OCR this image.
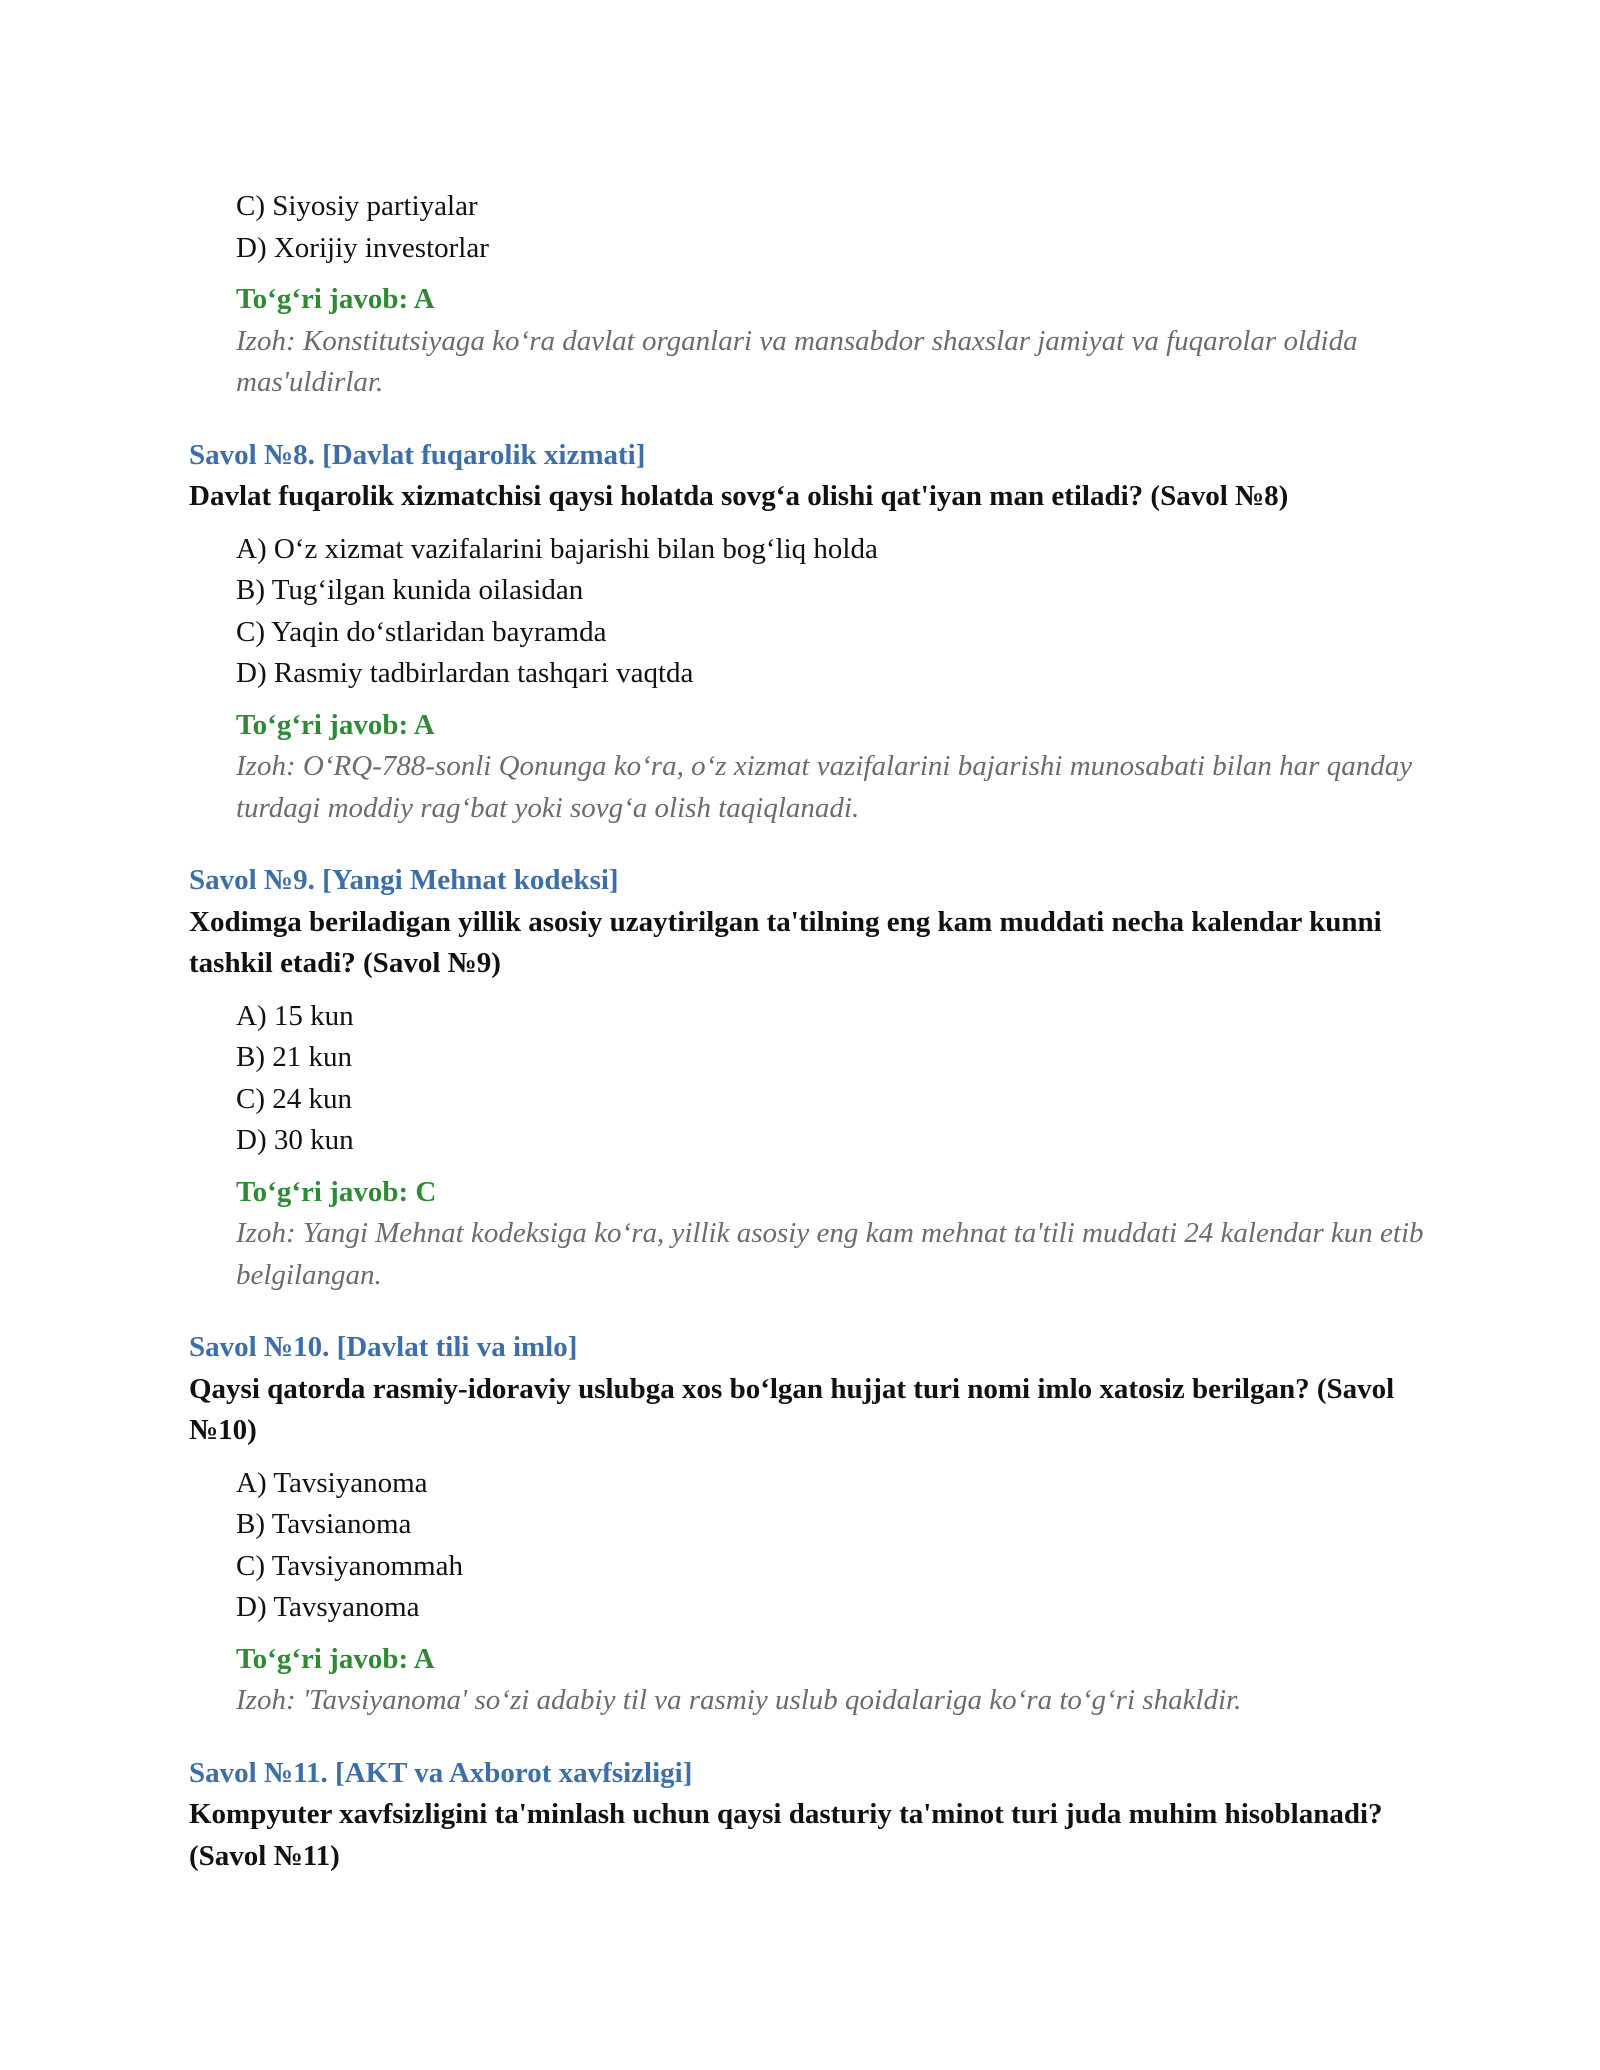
C) Siyosiy partiyalar
D) Xorijiy investorlar
To‘g‘ri javob: A
Izoh: Konstitutsiyaga ko‘ra davlat organlari va mansabdor shaxslar jamiyat va fuqarolar oldida mas'uldirlar.
Savol №8. [Davlat fuqarolik xizmati]
Davlat fuqarolik xizmatchisi qaysi holatda sovg‘a olishi qat'iyan man etiladi? (Savol №8)
A) O‘z xizmat vazifalarini bajarishi bilan bog‘liq holda
B) Tug‘ilgan kunida oilasidan
C) Yaqin do‘stlaridan bayramda
D) Rasmiy tadbirlardan tashqari vaqtda
To‘g‘ri javob: A
Izoh: O‘RQ-788-sonli Qonunga ko‘ra, o‘z xizmat vazifalarini bajarishi munosabati bilan har qanday turdagi moddiy rag‘bat yoki sovg‘a olish taqiqlanadi.
Savol №9. [Yangi Mehnat kodeksi]
Xodimga beriladigan yillik asosiy uzaytirilgan ta'tilning eng kam muddati necha kalendar kunni tashkil etadi? (Savol №9)
A) 15 kun
B) 21 kun
C) 24 kun
D) 30 kun
To‘g‘ri javob: C
Izoh: Yangi Mehnat kodeksiga ko‘ra, yillik asosiy eng kam mehnat ta'tili muddati 24 kalendar kun etib belgilangan.
Savol №10. [Davlat tili va imlo]
Qaysi qatorda rasmiy-idoraviy uslubga xos bo‘lgan hujjat turi nomi imlo xatosiz berilgan? (Savol №10)
A) Tavsiyanoma
B) Tavsianoma
C) Tavsiyanommah
D) Tavsyanoma
To‘g‘ri javob: A
Izoh: 'Tavsiyanoma' so‘zi adabiy til va rasmiy uslub qoidalariga ko‘ra to‘g‘ri shakldir.
Savol №11. [AKT va Axborot xavfsizligi]
Kompyuter xavfsizligini ta'minlash uchun qaysi dasturiy ta'minot turi juda muhim hisoblanadi? (Savol №11)
